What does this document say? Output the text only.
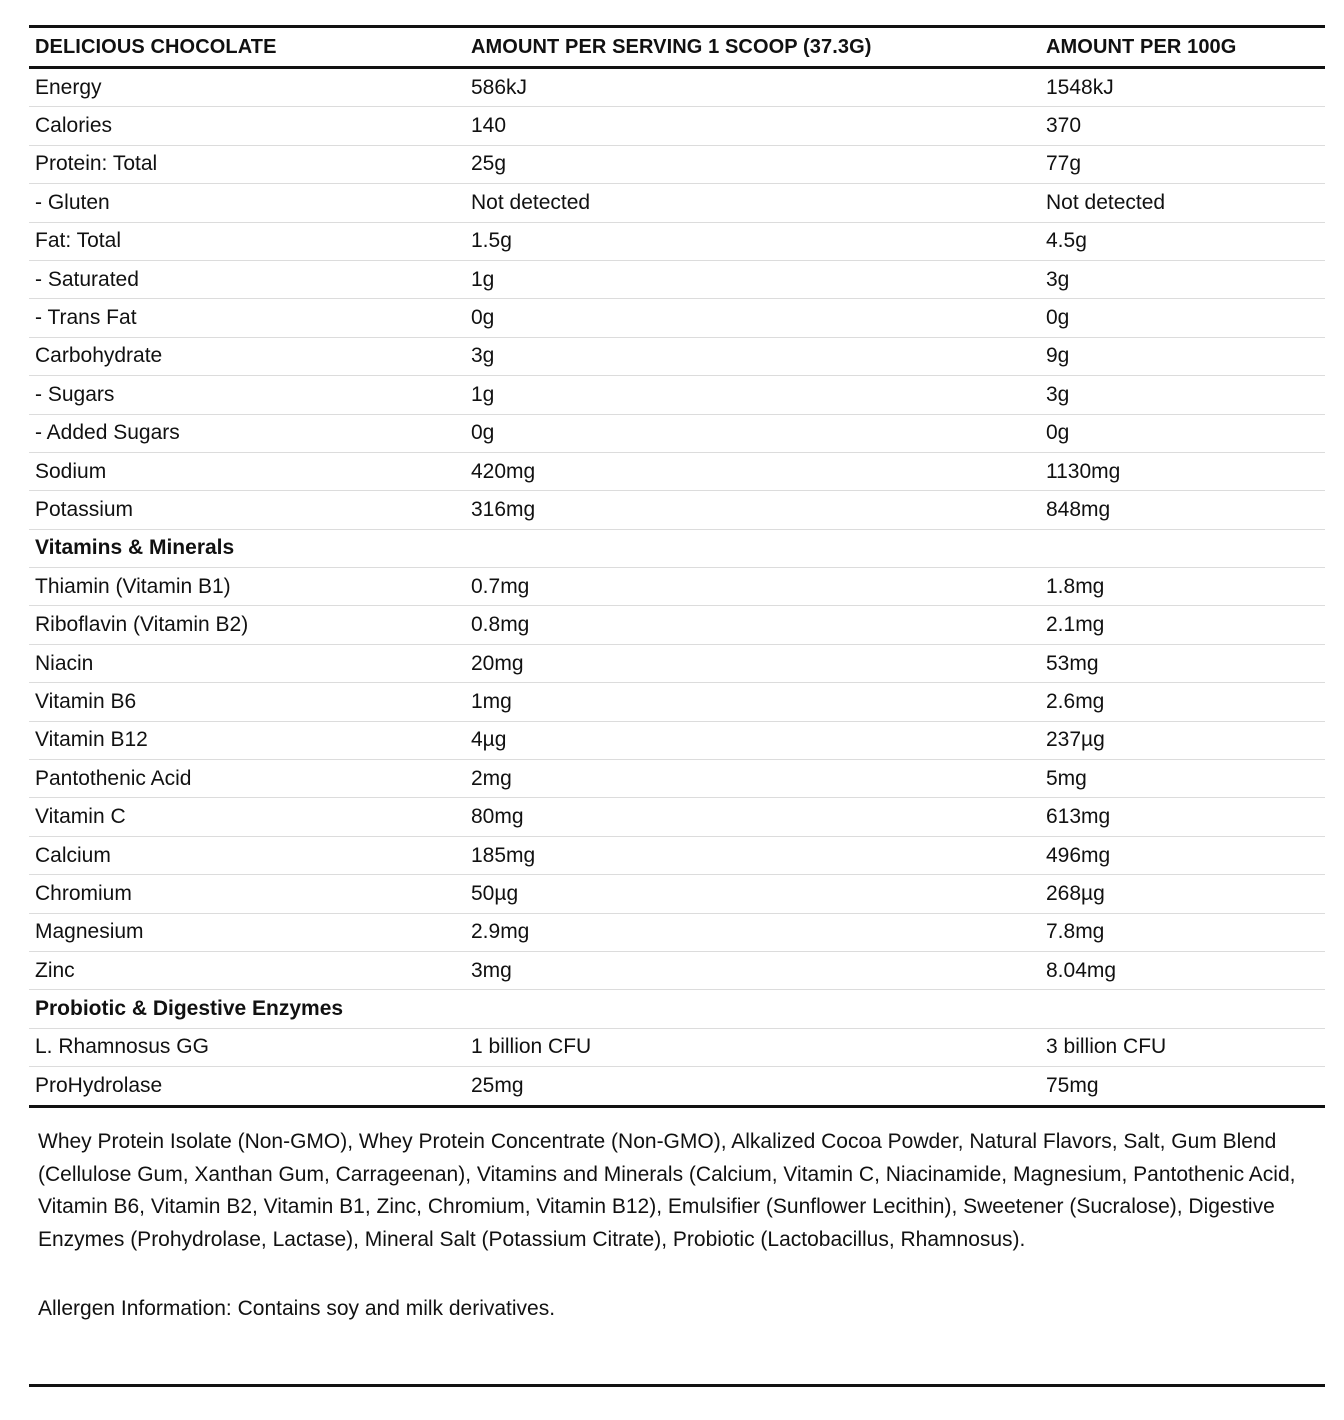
DELICIOUS CHOCOLATE	AMOUNT PER SERVING 1 SCOOP (37.3G)	AMOUNT PER 100G
Energy	586kJ	1548kJ
Calories	140	370
Protein: Total	25g	77g
- Gluten	Not detected	Not detected
Fat: Total	1.5g	4.5g
- Saturated	1g	3g
- Trans Fat	0g	0g
Carbohydrate	3g	9g
- Sugars	1g	3g
- Added Sugars	0g	0g
Sodium	420mg	1130mg
Potassium	316mg	848mg
Vitamins & Minerals		
Thiamin (Vitamin B1)	0.7mg	1.8mg
Riboflavin (Vitamin B2)	0.8mg	2.1mg
Niacin	20mg	53mg
Vitamin B6	1mg	2.6mg
Vitamin B12	4µg	237µg
Pantothenic Acid	2mg	5mg
Vitamin C	80mg	613mg
Calcium	185mg	496mg
Chromium	50µg	268µg
Magnesium	2.9mg	7.8mg
Zinc	3mg	8.04mg
Probiotic & Digestive Enzymes		
L. Rhamnosus GG	1 billion CFU	3 billion CFU
ProHydrolase	25mg	75mg

Whey Protein Isolate (Non-GMO), Whey Protein Concentrate (Non-GMO), Alkalized Cocoa Powder, Natural Flavors, Salt, Gum Blend (Cellulose Gum, Xanthan Gum, Carrageenan), Vitamins and Minerals (Calcium, Vitamin C, Niacinamide, Magnesium, Pantothenic Acid, Vitamin B6, Vitamin B2, Vitamin B1, Zinc, Chromium, Vitamin B12), Emulsifier (Sunflower Lecithin), Sweetener (Sucralose), Digestive Enzymes (Prohydrolase, Lactase), Mineral Salt (Potassium Citrate), Probiotic (Lactobacillus, Rhamnosus).

Allergen Information: Contains soy and milk derivatives.
